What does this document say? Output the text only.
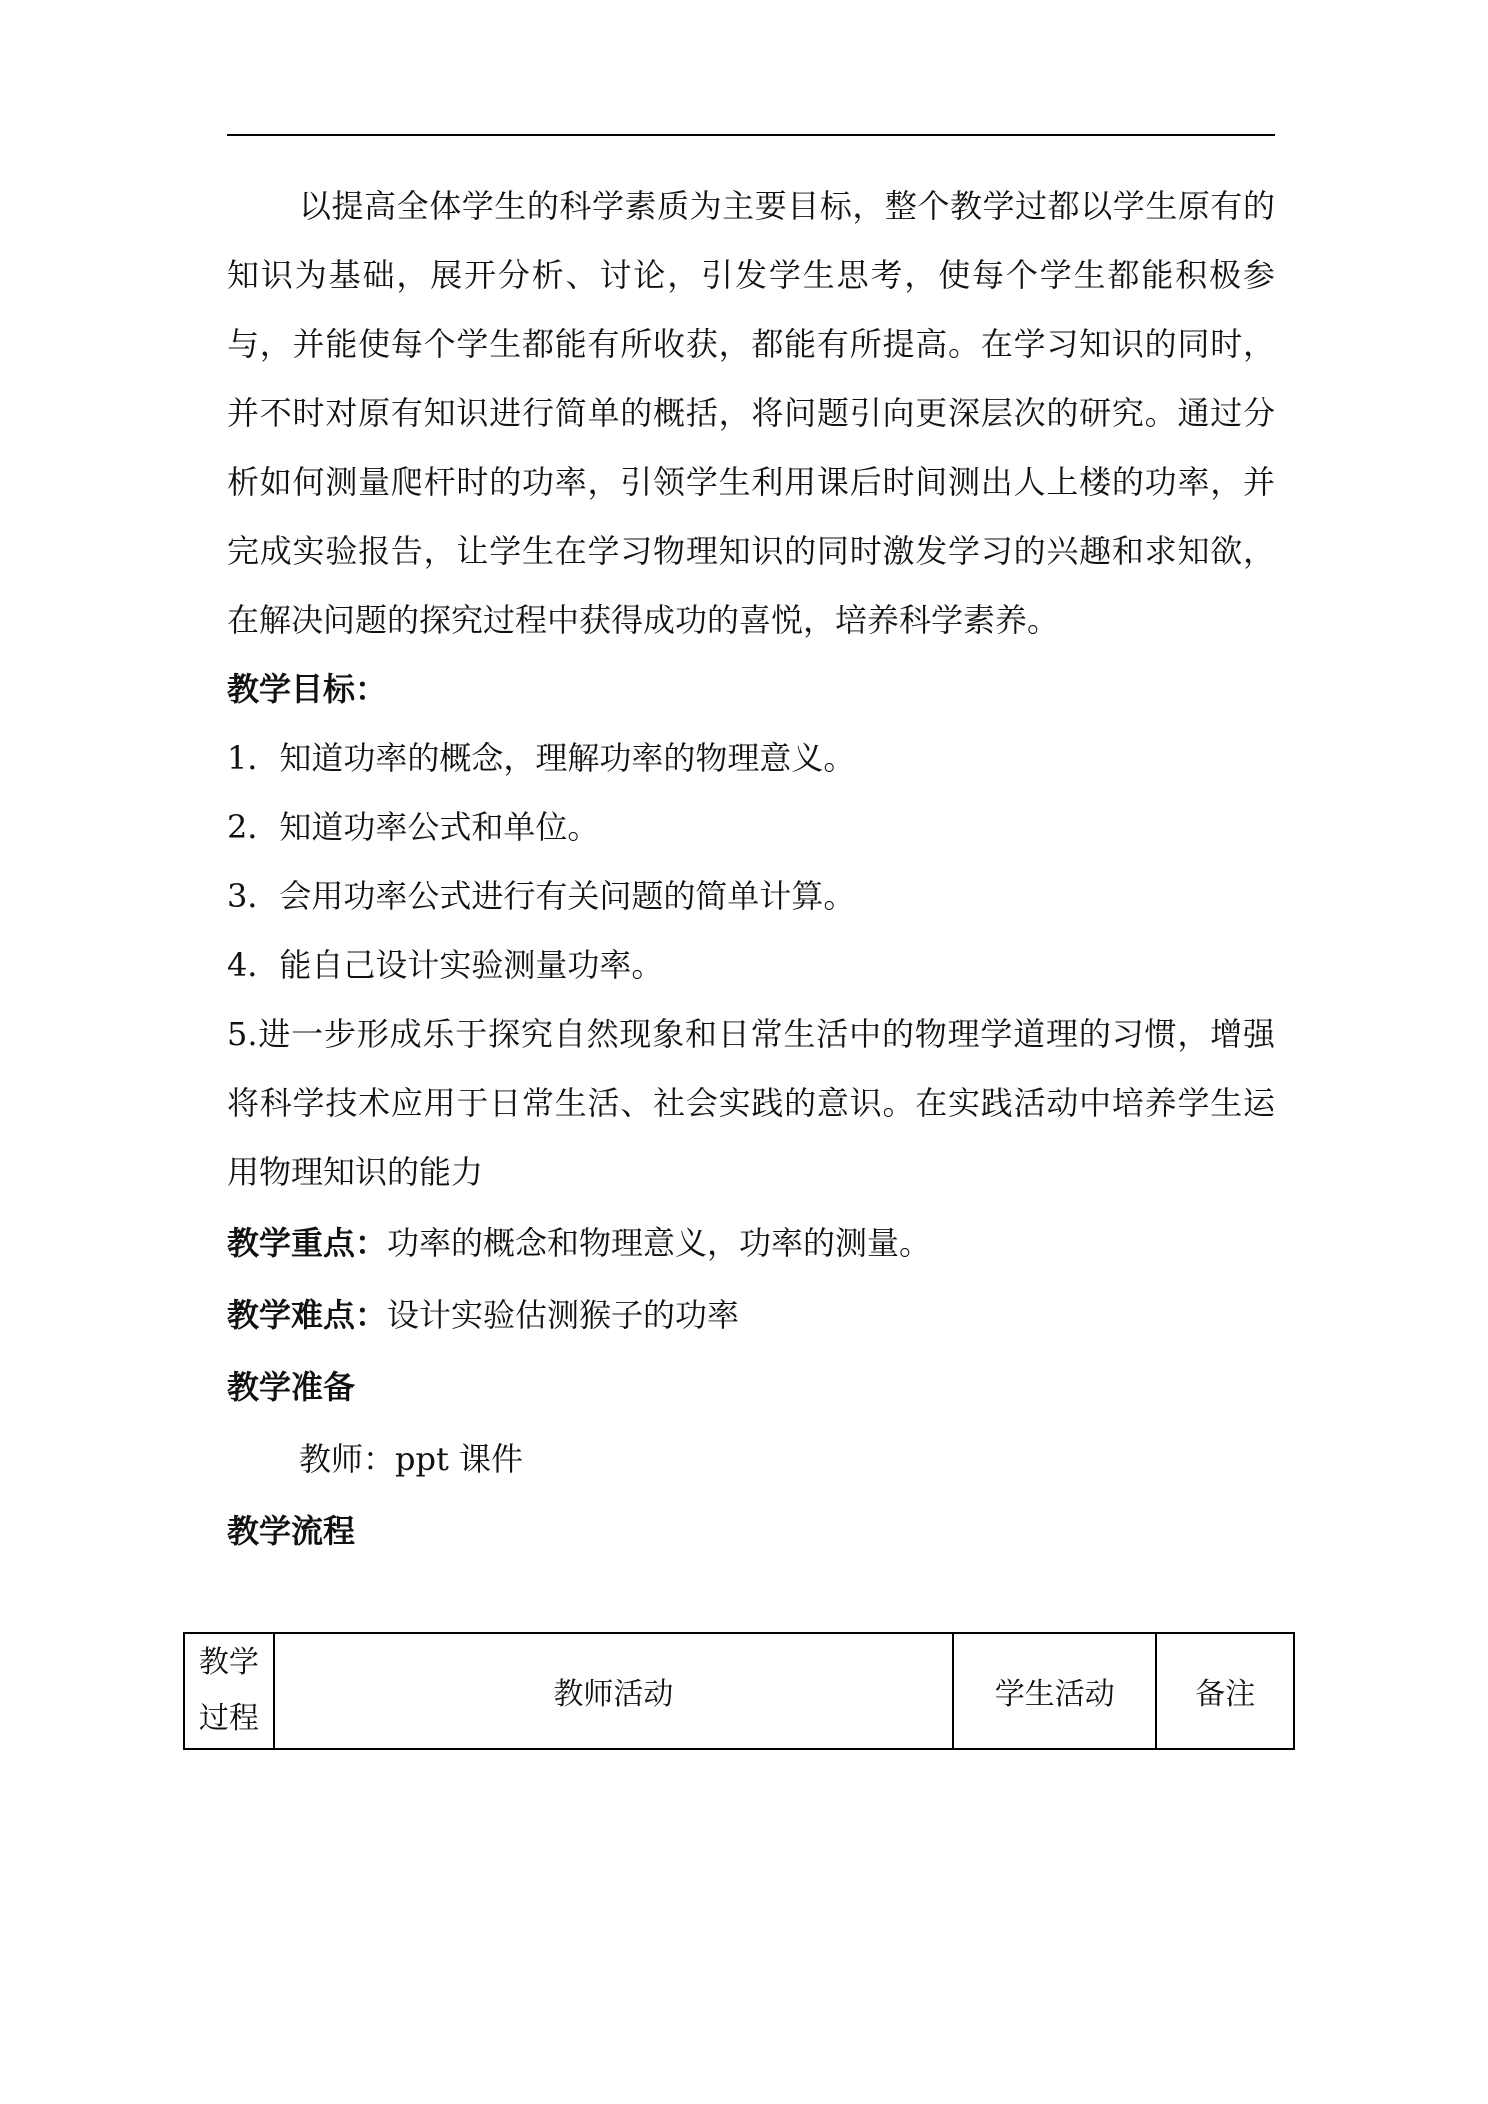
以提高全体学生的科学素质为主要目标，整个教学过都以学生原有的知识为基础，展开分析、讨论，引发学生思考，使每个学生都能积极参与，并能使每个学生都能有所收获，都能有所提高。在学习知识的同时，并不时对原有知识进行简单的概括，将问题引向更深层次的研究。通过分析如何测量爬杆时的功率，引领学生利用课后时间测出人上楼的功率，并完成实验报告，让学生在学习物理知识的同时激发学习的兴趣和求知欲，在解决问题的探究过程中获得成功的喜悦，培养科学素养。

教学目标：

1．知道功率的概念，理解功率的物理意义。

2．知道功率公式和单位。

3．会用功率公式进行有关问题的简单计算。

4．能自己设计实验测量功率。

5.进一步形成乐于探究自然现象和日常生活中的物理学道理的习惯，增强将科学技术应用于日常生活、社会实践的意识。在实践活动中培养学生运用物理知识的能力

教学重点：功率的概念和物理意义，功率的测量。

教学难点：设计实验估测猴子的功率

教学准备

教师：ppt 课件

教学流程

教学
过程	教师活动	学生活动	备注
